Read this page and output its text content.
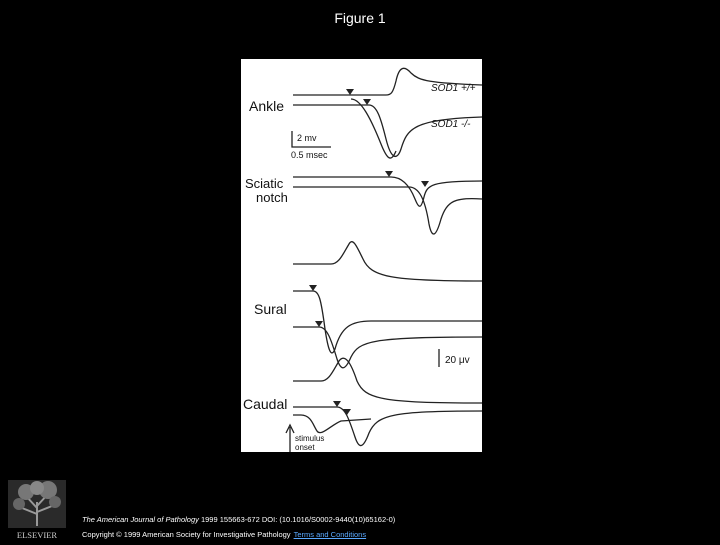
Figure 1
Ankle
SOD1 +/+
SOD1 -/-
2 mv
0.5 msec
Sciatic
notch
Sural
20 μv
Caudal
stimulus
onset
ELSEVIER
The American Journal of Pathology 1999 155663-672 DOI: (10.1016/S0002-9440(10)65162-0)
Copyright © 1999 American Society for Investigative Pathology Terms and Conditions
